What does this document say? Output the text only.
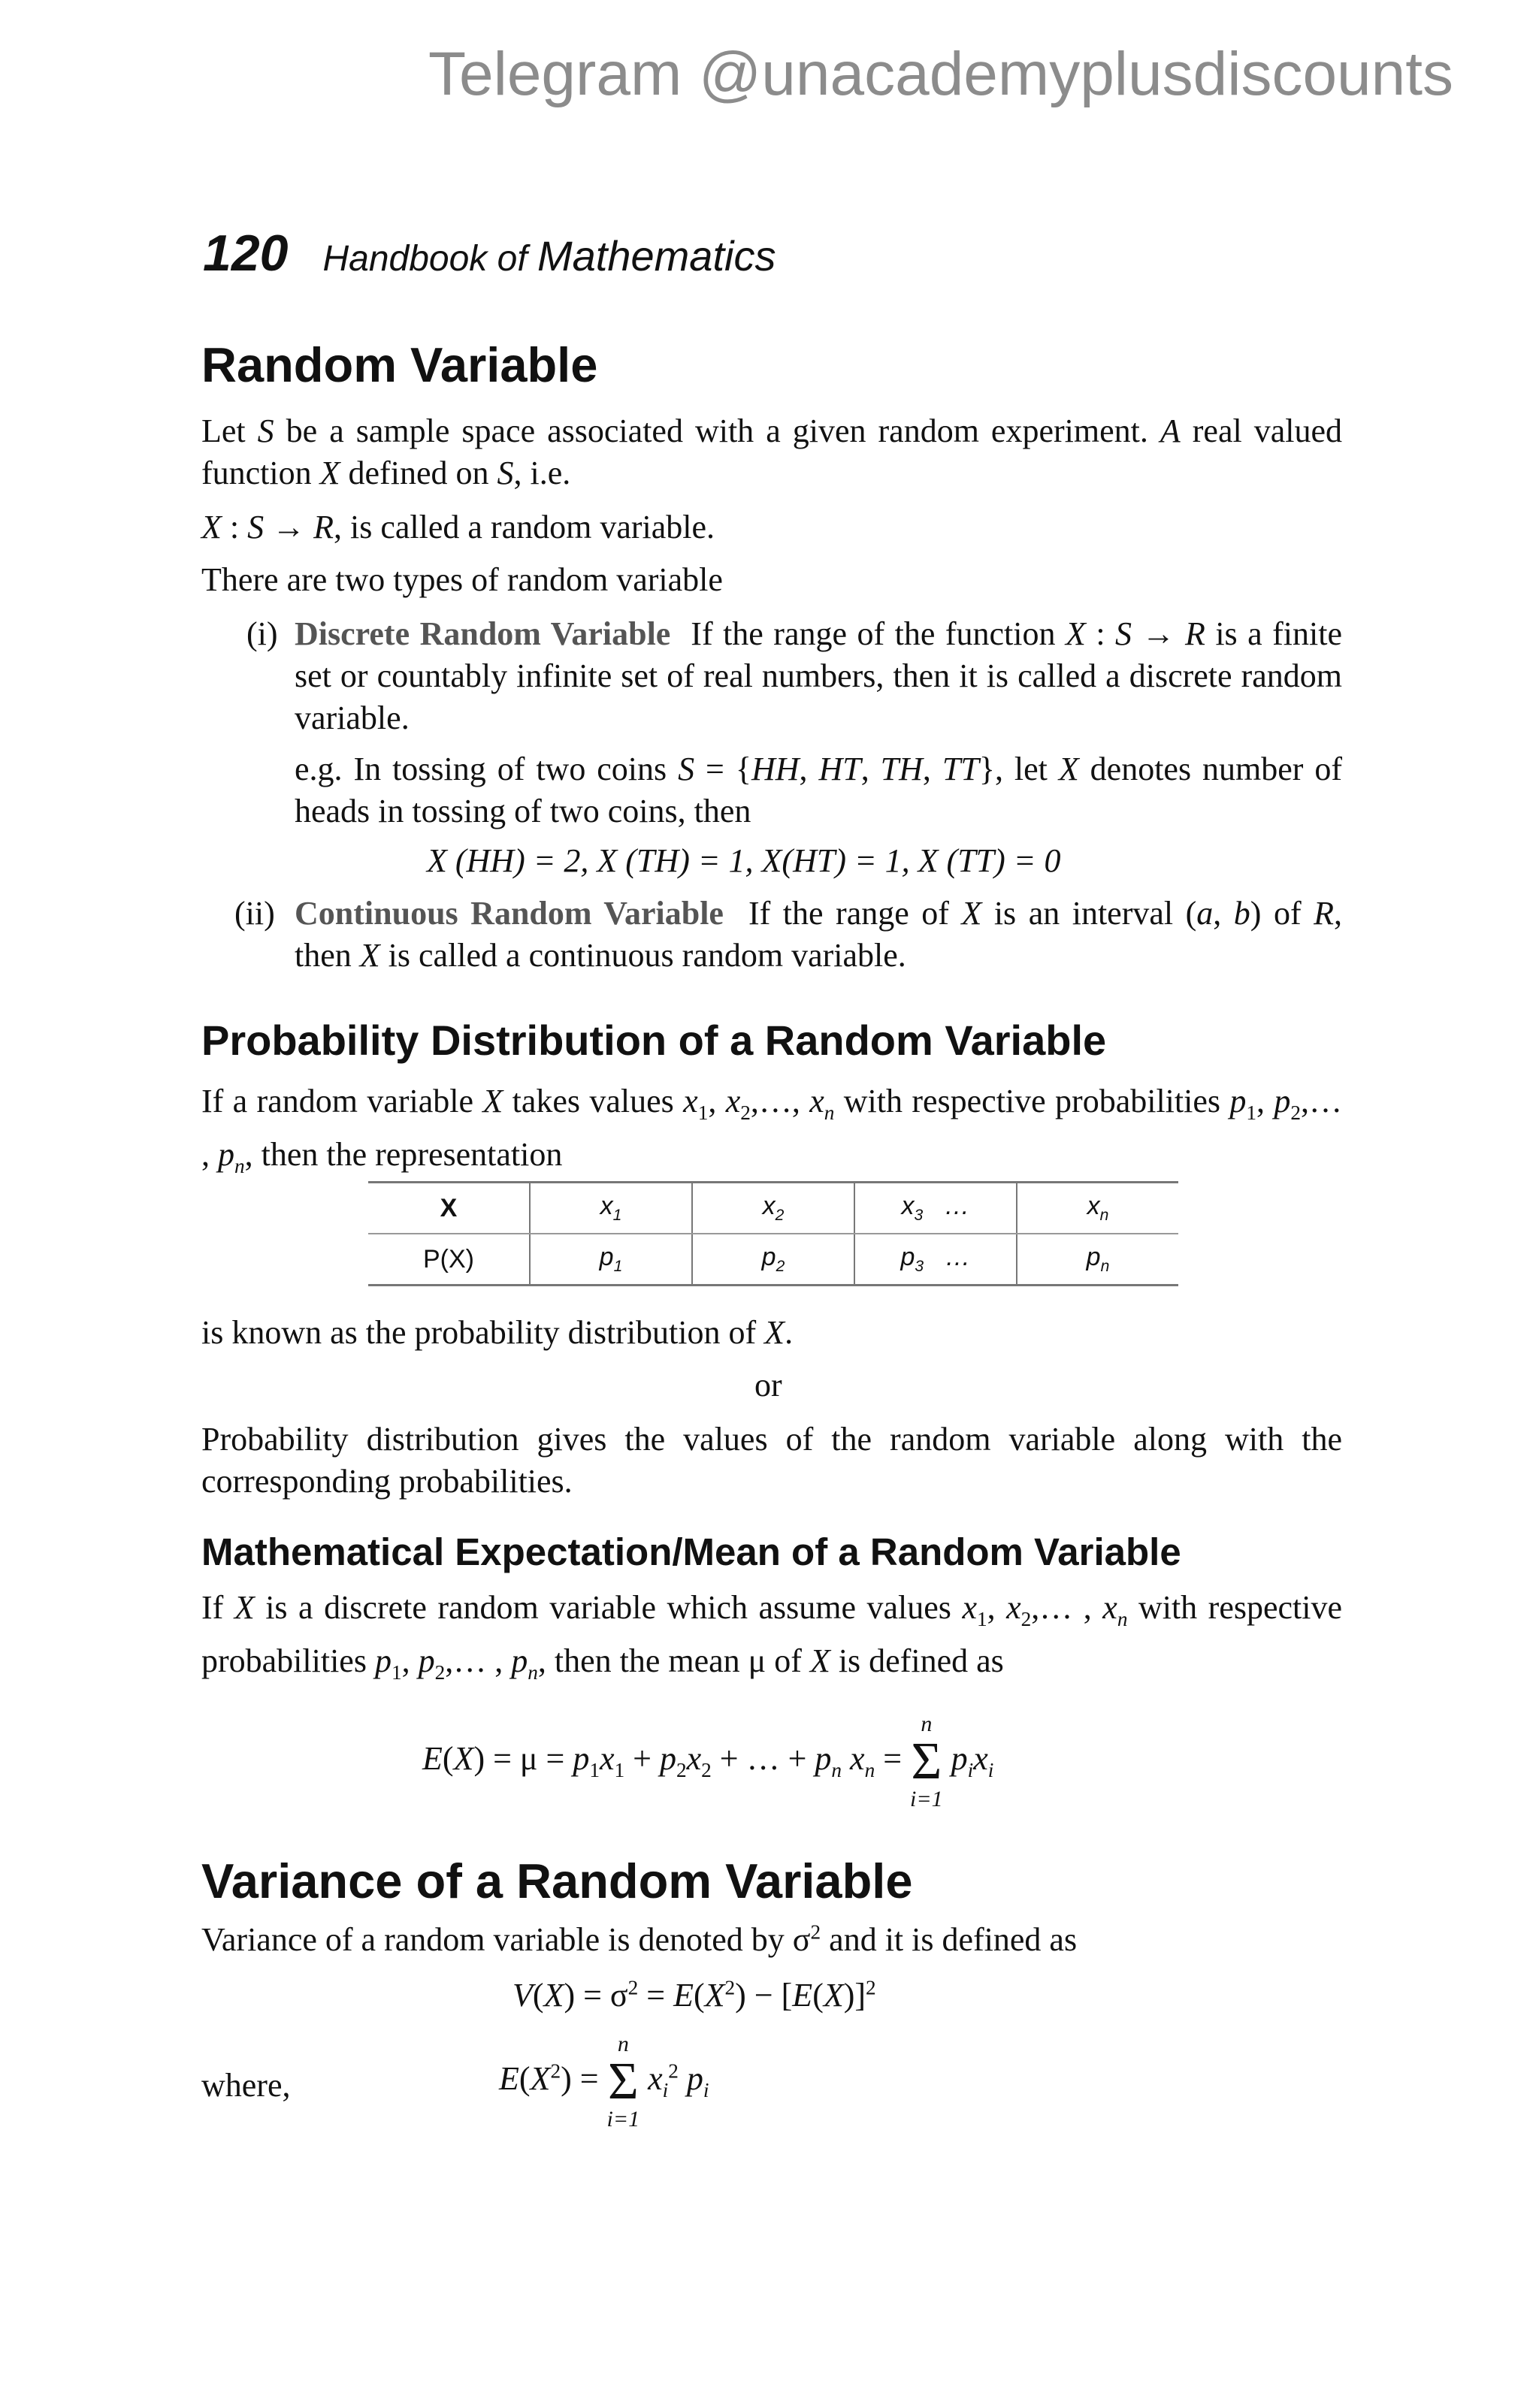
Telegram @unacademyplusdiscounts
120 Handbook of Mathematics
Random Variable
Let S be a sample space associated with a given random experiment. A real valued function X defined on S, i.e.
X : S → R, is called a random variable.
There are two types of random variable
(i) Discrete Random Variable If the range of the function X : S → R is a finite set or countably infinite set of real numbers, then it is called a discrete random variable.
e.g. In tossing of two coins S = {HH, HT, TH, TT}, let X denotes number of heads in tossing of two coins, then
X (HH) = 2, X (TH) = 1, X(HT) = 1, X (TT) = 0
(ii) Continuous Random Variable If the range of X is an interval (a, b) of R, then X is called a continuous random variable.
Probability Distribution of a Random Variable
If a random variable X takes values $x_1$, $x_2,\dots$, $x_n$ with respective probabilities $p_1$, $p_2,\dots$ , $p_n$, then the representation
X	$x_1$	$x_2$	$x_3$   …	$x_n$
P(X)	$p_1$	$p_2$	$p_3$   …	$p_n$
is known as the probability distribution of X.
or
Probability distribution gives the values of the random variable along with the corresponding probabilities.
Mathematical Expectation/Mean of a Random Variable
If X is a discrete random variable which assume values $x_1$, $x_2,\dots$ , $x_n$ with respective probabilities $p_1$, $p_2,\dots$ , $p_n$, then the mean μ of X is defined as
$E(X) = \mu = p_1x_1 + p_2x_2$ + … + $p_n$ $x_n$ =
n
Σ
i=1
$p_ix_i$
Variance of a Random Variable
Variance of a random variable is denoted by $\sigma^2$ and it is defined as
$V(X) = \sigma^2 = E(X^2) - [E(X)]^2$
where,	$E(X^2)$ =
n
Σ
i=1
$x_i^2$ $p_i$
